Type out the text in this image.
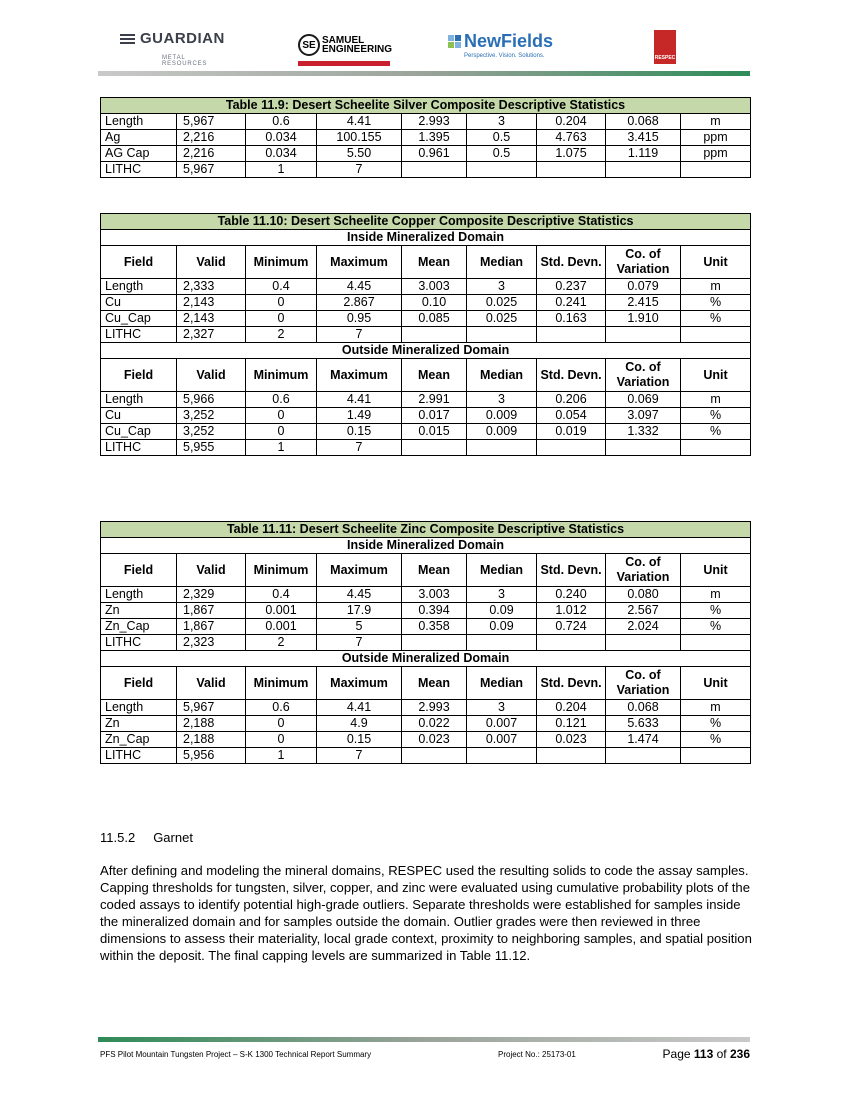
GUARDIAN
METAL RESOURCES
SE SAMUEL
ENGINEERING	NewFields
Perspective. Vision. Solutions.	RESPEC
Table 11.9: Desert Scheelite Silver Composite Descriptive Statistics								
Length	5,967	0.6	4.41	2.993	3	0.204	0.068	m
Ag	2,216	0.034	100.155	1.395	0.5	4.763	3.415	ppm
AG Cap	2,216	0.034	5.50	0.961	0.5	1.075	1.119	ppm
LITHC	5,967	1	7					
Table 11.10: Desert Scheelite Copper Composite Descriptive Statistics								
Inside Mineralized Domain								
Field	Valid	Minimum	Maximum	Mean	Median	Std. Devn.	Co. of Variation	Unit
Length	2,333	0.4	4.45	3.003	3	0.237	0.079	m
Cu	2,143	0	2.867	0.10	0.025	0.241	2.415	%
Cu_Cap	2,143	0	0.95	0.085	0.025	0.163	1.910	%
LITHC	2,327	2	7					
Outside Mineralized Domain								
Field	Valid	Minimum	Maximum	Mean	Median	Std. Devn.	Co. of Variation	Unit
Length	5,966	0.6	4.41	2.991	3	0.206	0.069	m
Cu	3,252	0	1.49	0.017	0.009	0.054	3.097	%
Cu_Cap	3,252	0	0.15	0.015	0.009	0.019	1.332	%
LITHC	5,955	1	7					
Table 11.11: Desert Scheelite Zinc Composite Descriptive Statistics								
Inside Mineralized Domain								
Field	Valid	Minimum	Maximum	Mean	Median	Std. Devn.	Co. of Variation	Unit
Length	2,329	0.4	4.45	3.003	3	0.240	0.080	m
Zn	1,867	0.001	17.9	0.394	0.09	1.012	2.567	%
Zn_Cap	1,867	0.001	5	0.358	0.09	0.724	2.024	%
LITHC	2,323	2	7					
Outside Mineralized Domain								
Field	Valid	Minimum	Maximum	Mean	Median	Std. Devn.	Co. of Variation	Unit
Length	5,967	0.6	4.41	2.993	3	0.204	0.068	m
Zn	2,188	0	4.9	0.022	0.007	0.121	5.633	%
Zn_Cap	2,188	0	0.15	0.023	0.007	0.023	1.474	%
LITHC	5,956	1	7					
11.5.2 Garnet
After defining and modeling the mineral domains, RESPEC used the resulting solids to code the assay samples. Capping thresholds for tungsten, silver, copper, and zinc were evaluated using cumulative probability plots of the coded assays to identify potential high-grade outliers. Separate thresholds were established for samples inside the mineralized domain and for samples outside the domain. Outlier grades were then reviewed in three dimensions to assess their materiality, local grade context, proximity to neighboring samples, and spatial position within the deposit. The final capping levels are summarized in Table 11.12.
PFS Pilot Mountain Tungsten Project – S-K 1300 Technical Report Summary	Project No.: 25173-01	Page 113 of 236
